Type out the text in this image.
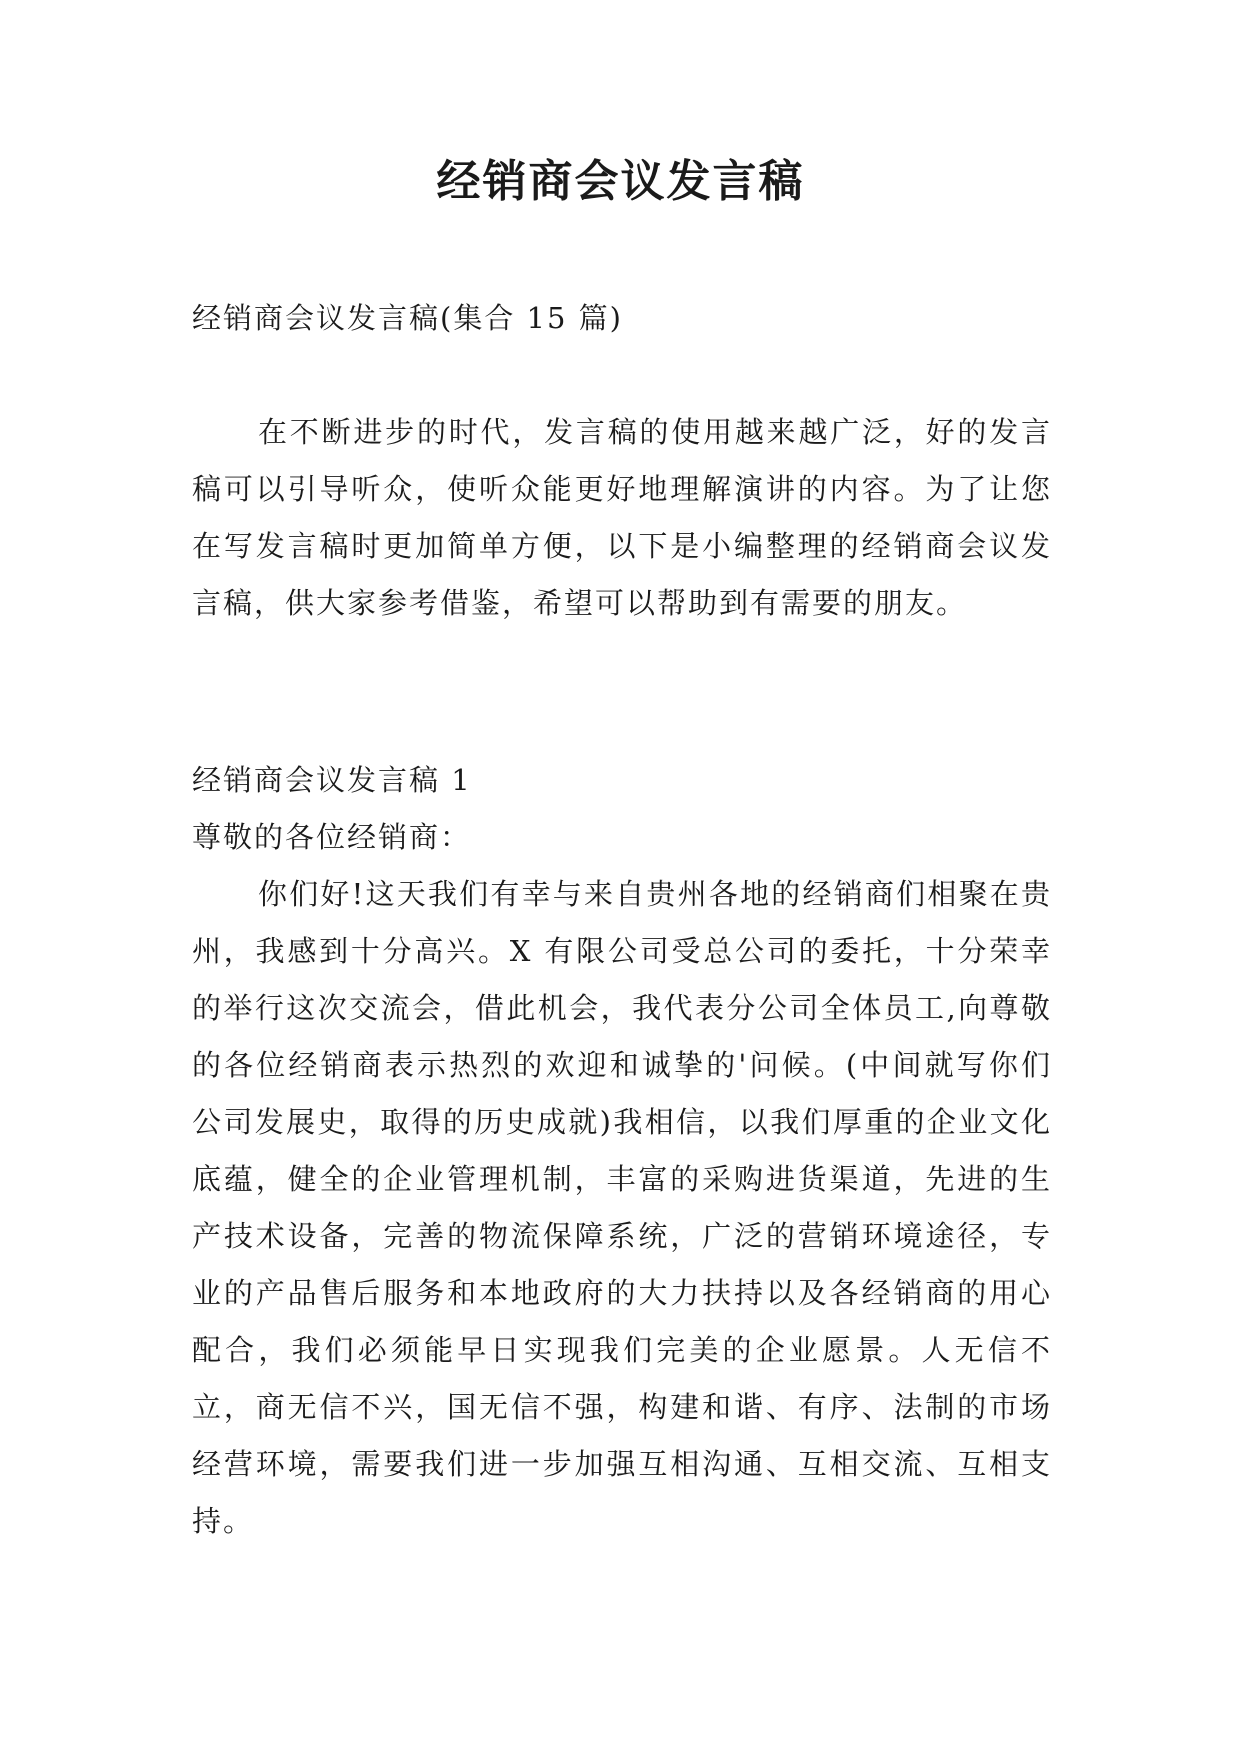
经销商会议发言稿

经销商会议发言稿(集合 15 篇)

在不断进步的时代，发言稿的使用越来越广泛，好的发言稿可以引导听众，使听众能更好地理解演讲的内容。为了让您在写发言稿时更加简单方便，以下是小编整理的经销商会议发言稿，供大家参考借鉴，希望可以帮助到有需要的朋友。

经销商会议发言稿 1

尊敬的各位经销商：

你们好!这天我们有幸与来自贵州各地的经销商们相聚在贵州，我感到十分高兴。X 有限公司受总公司的委托，十分荣幸的举行这次交流会，借此机会，我代表分公司全体员工,向尊敬的各位经销商表示热烈的欢迎和诚挚的'问候。(中间就写你们公司发展史，取得的历史成就)我相信，以我们厚重的企业文化底蕴，健全的企业管理机制，丰富的采购进货渠道，先进的生产技术设备，完善的物流保障系统，广泛的营销环境途径，专业的产品售后服务和本地政府的大力扶持以及各经销商的用心配合，我们必须能早日实现我们完美的企业愿景。人无信不立，商无信不兴，国无信不强，构建和谐、有序、法制的市场经营环境，需要我们进一步加强互相沟通、互相交流、互相支持。
